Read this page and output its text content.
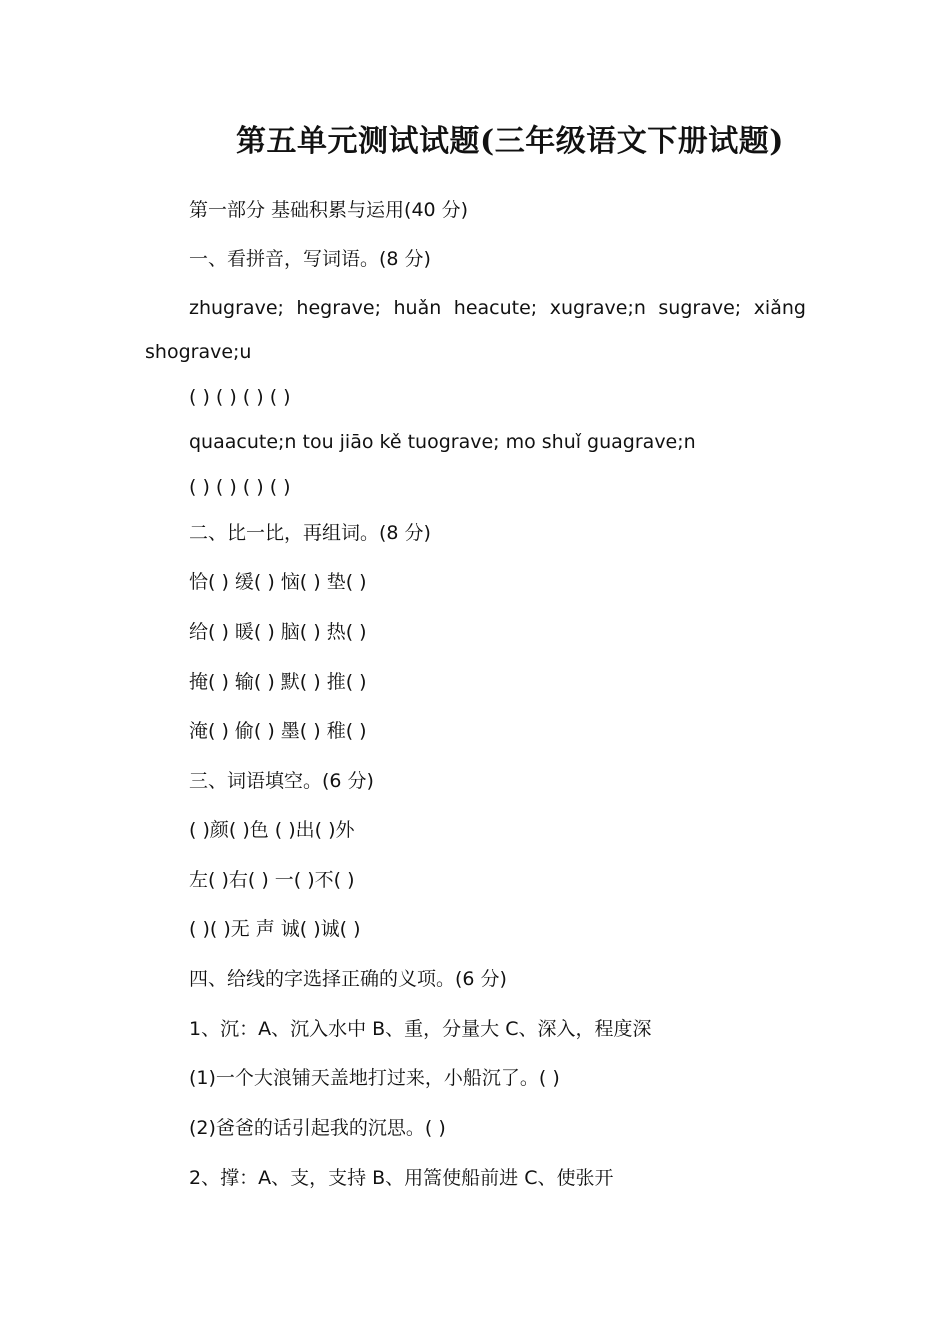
第五单元测试试题(三年级语文下册试题)
第一部分 基础积累与运用(40 分)
一、看拼音，写词语。(8 分)
zhugrave; hegrave; huǎn heacute; xugrave;n sugrave; xiǎng
shograve;u
( ) ( ) ( ) ( )
quaacute;n tou jiāo kě tuograve; mo shuǐ guagrave;n
( ) ( ) ( ) ( )
二、比一比，再组词。(8 分)
恰( ) 缓( ) 恼( ) 垫( )
给( ) 暖( ) 脑( ) 热( )
掩( ) 输( ) 默( ) 推( )
淹( ) 偷( ) 墨( ) 稚( )
三、词语填空。(6 分)
( )颜( )色 ( )出( )外
左( )右( ) 一( )不( )
( )( )无 声 诚( )诚( )
四、给线的字选择正确的义项。(6 分)
1、沉：A、沉入水中 B、重，分量大 C、深入，程度深
(1)一个大浪铺天盖地打过来，小船沉了。( )
(2)爸爸的话引起我的沉思。( )
2、撑：A、支，支持 B、用篙使船前进 C、使张开
